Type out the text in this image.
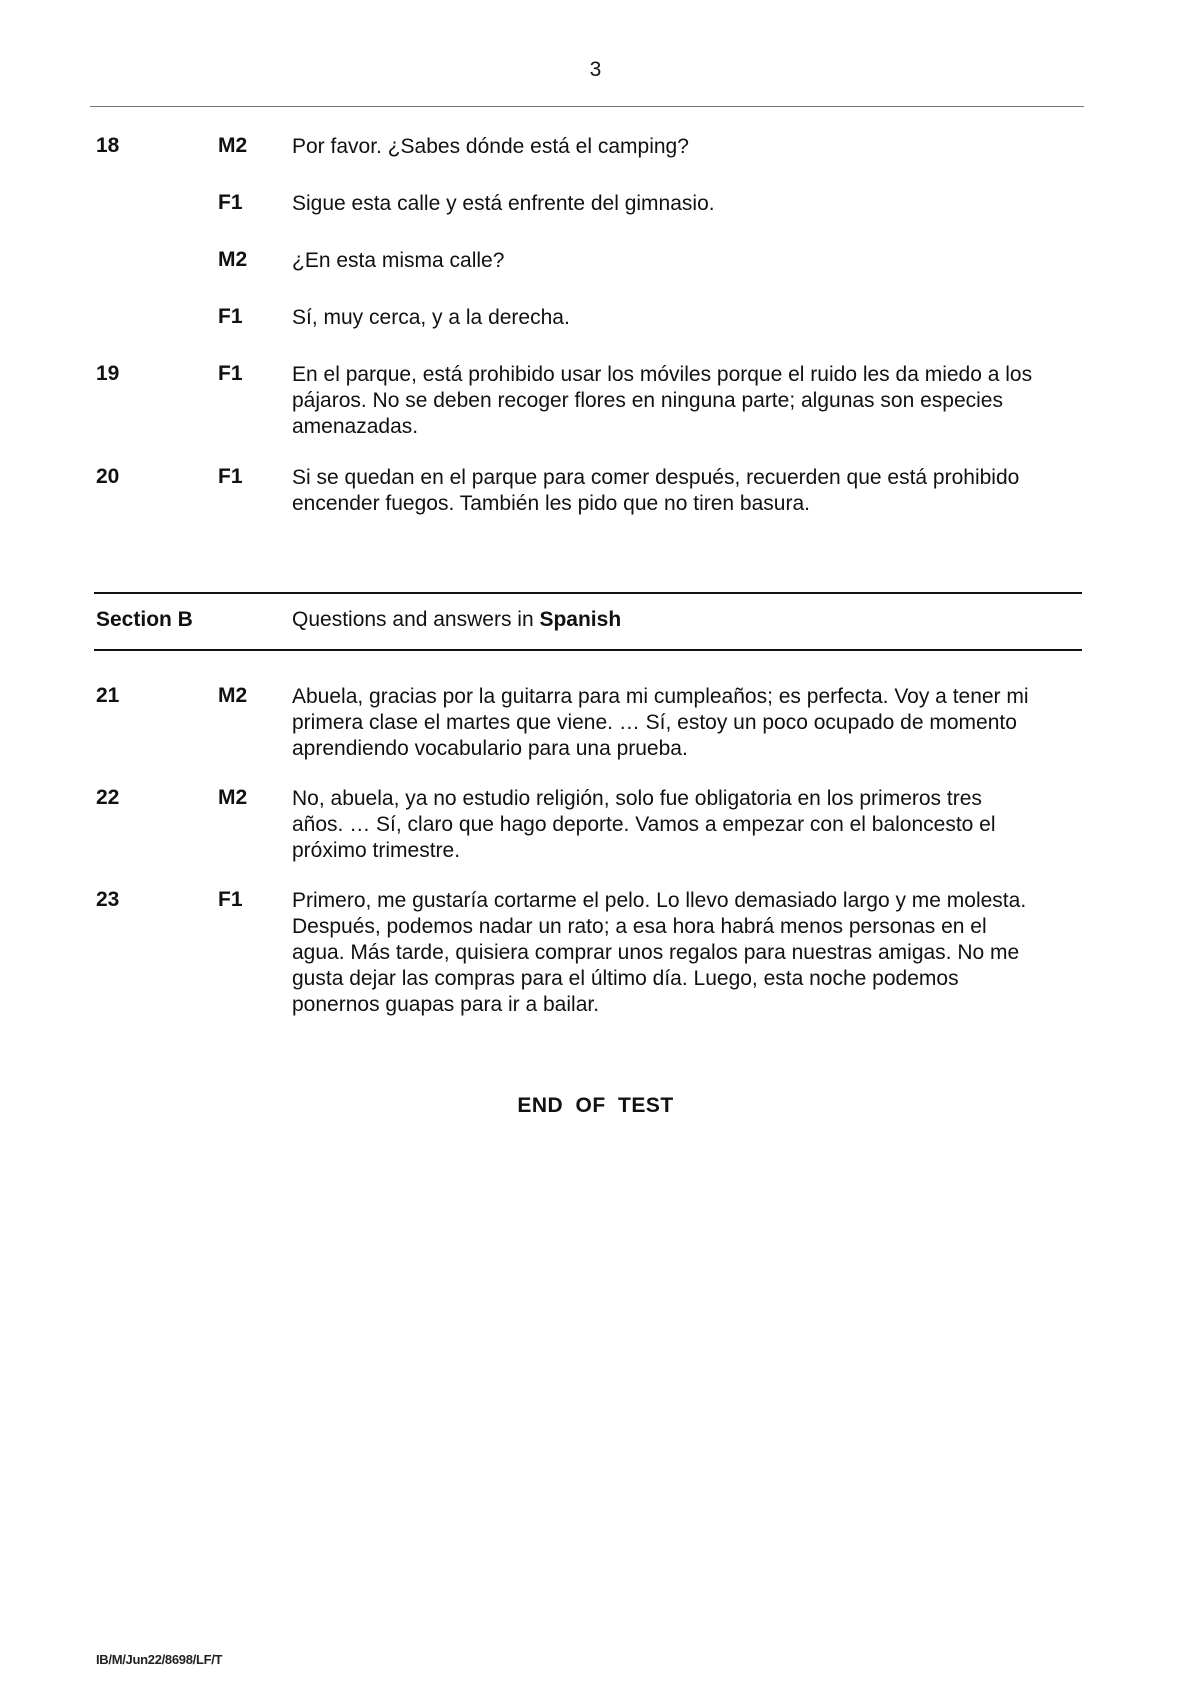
3
18	M2 Por favor. ¿Sabes dónde está el camping?
F1 Sigue esta calle y está enfrente del gimnasio.
M2 ¿En esta misma calle?
F1 Sí, muy cerca, y a la derecha.
19	F1 En el parque, está prohibido usar los móviles porque el ruido les da miedo a los
pájaros. No se deben recoger flores en ninguna parte; algunas son especies
amenazadas.
20	F1 Si se quedan en el parque para comer después, recuerden que está prohibido
encender fuegos. También les pido que no tiren basura.
Section B	Questions and answers in Spanish
21	M2 Abuela, gracias por la guitarra para mi cumpleaños; es perfecta. Voy a tener mi
primera clase el martes que viene. … Sí, estoy un poco ocupado de momento
aprendiendo vocabulario para una prueba.
22	M2 No, abuela, ya no estudio religión, solo fue obligatoria en los primeros tres
años. … Sí, claro que hago deporte. Vamos a empezar con el baloncesto el
próximo trimestre.
23	F1 Primero, me gustaría cortarme el pelo. Lo llevo demasiado largo y me molesta.
Después, podemos nadar un rato; a esa hora habrá menos personas en el
agua. Más tarde, quisiera comprar unos regalos para nuestras amigas. No me
gusta dejar las compras para el último día. Luego, esta noche podemos
ponernos guapas para ir a bailar.
END OF TEST
IB/M/Jun22/8698/LF/T
